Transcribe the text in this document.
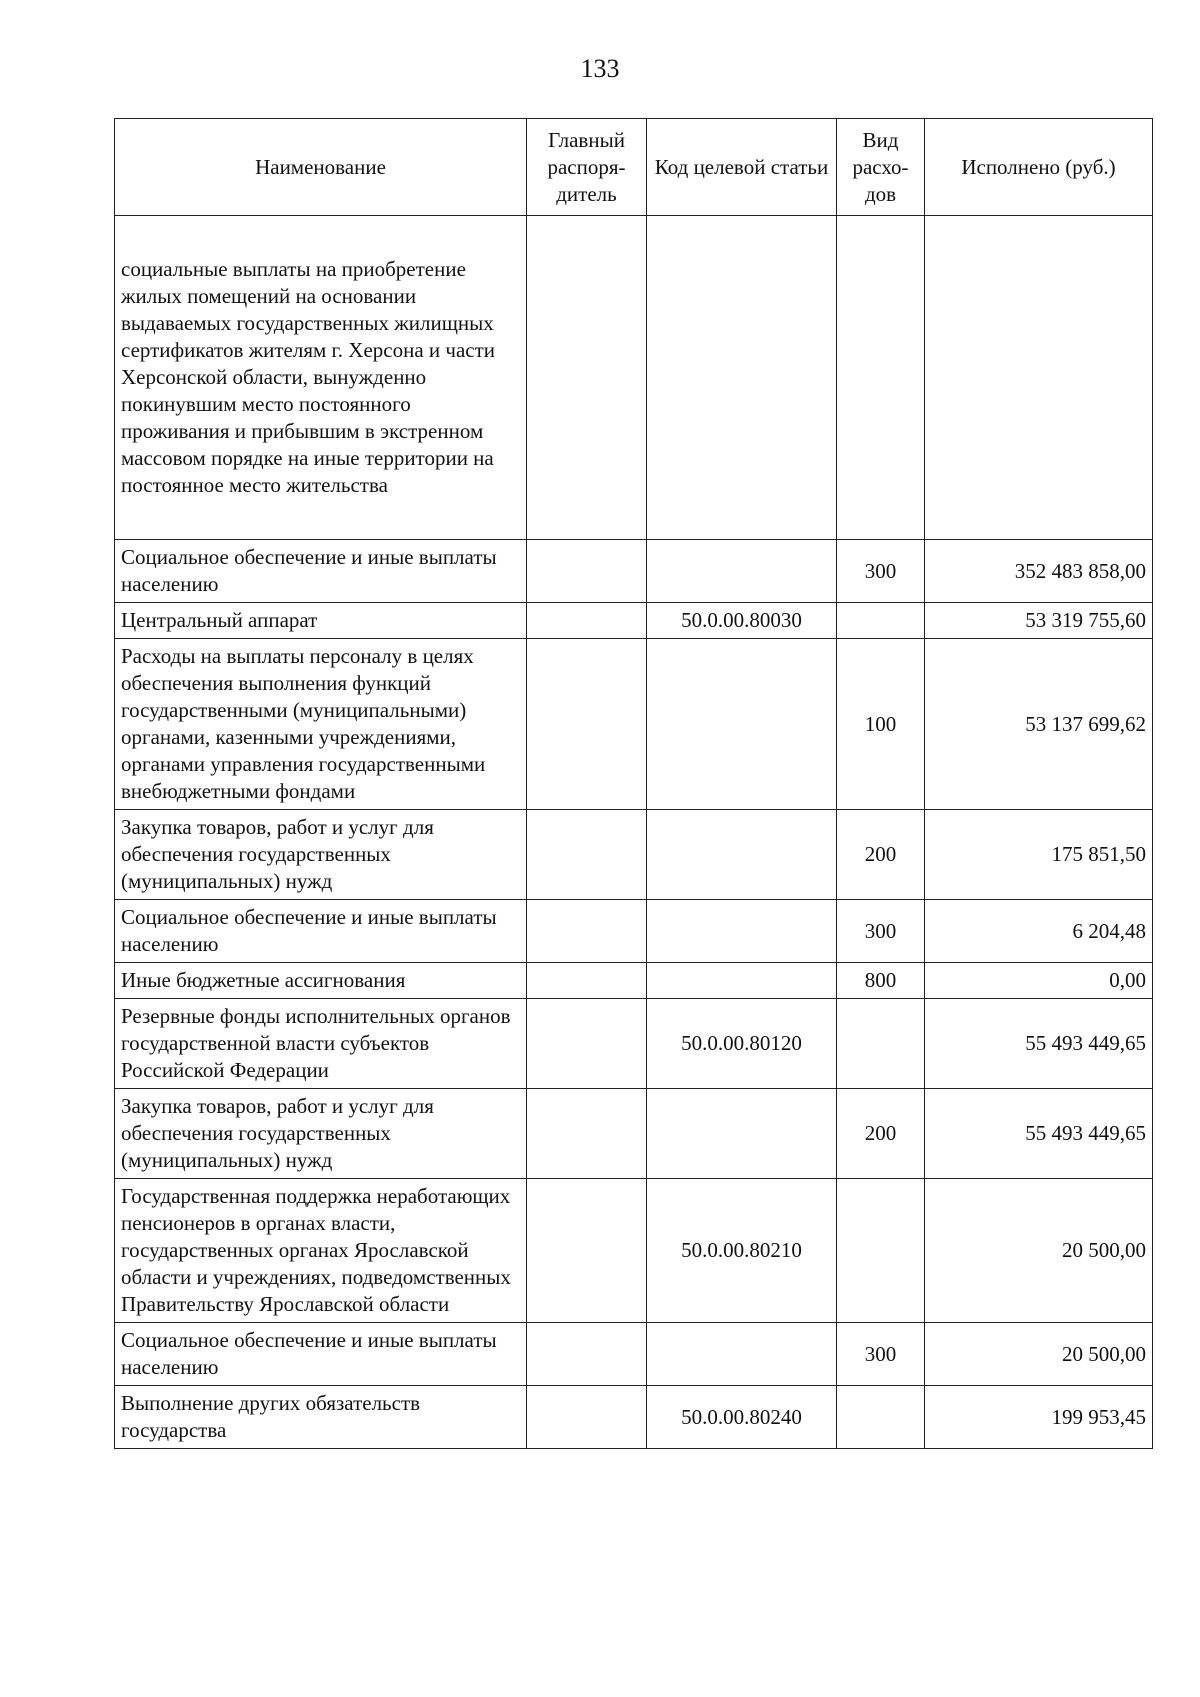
133
Наименование	Главный распоря-дитель	Код целевой статьи	Вид расхо-дов	Исполнено (руб.)
социальные выплаты на приобретение жилых помещений на основании выдаваемых государственных жилищных сертификатов жителям г. Херсона и части Херсонской области, вынужденно покинувшим место постоянного проживания и прибывшим в экстренном массовом порядке на иные территории на постоянное место жительства				
Социальное обеспечение и иные выплаты населению			300	352 483 858,00
Центральный аппарат		50.0.00.80030		53 319 755,60
Расходы на выплаты персоналу в целях обеспечения выполнения функций государственными (муниципальными) органами, казенными учреждениями, органами управления государственными внебюджетными фондами			100	53 137 699,62
Закупка товаров, работ и услуг для обеспечения государственных (муниципальных) нужд			200	175 851,50
Социальное обеспечение и иные выплаты населению			300	6 204,48
Иные бюджетные ассигнования			800	0,00
Резервные фонды исполнительных органов государственной власти субъектов Российской Федерации		50.0.00.80120		55 493 449,65
Закупка товаров, работ и услуг для обеспечения государственных (муниципальных) нужд			200	55 493 449,65
Государственная поддержка неработающих пенсионеров в органах власти, государственных органах Ярославской области и учреждениях, подведомственных Правительству Ярославской области		50.0.00.80210		20 500,00
Социальное обеспечение и иные выплаты населению			300	20 500,00
Выполнение других обязательств государства		50.0.00.80240		199 953,45
